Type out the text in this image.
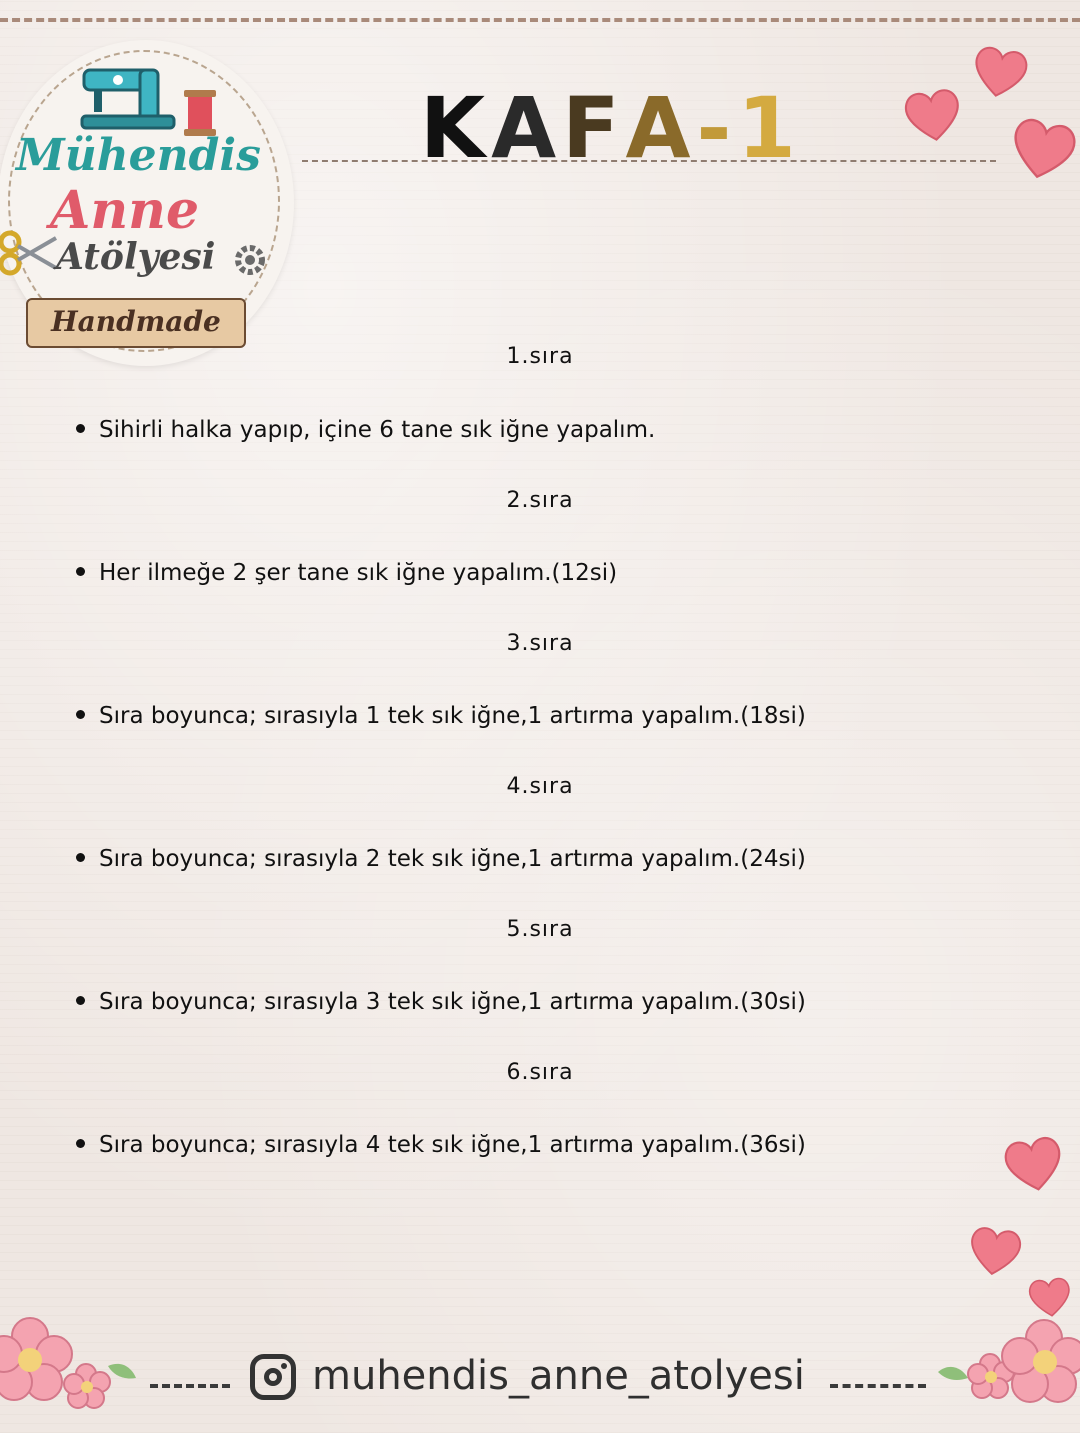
Mühendis
Anne
Atölyesi
Handmade
KAFA-1

1.sıra

Sihirli halka yapıp, içine 6 tane sık iğne yapalım.

2.sıra

Her ilmeğe 2 şer tane sık iğne yapalım.(12si)

3.sıra

Sıra boyunca; sırasıyla 1 tek sık iğne,1 artırma yapalım.(18si)

4.sıra

Sıra boyunca; sırasıyla 2 tek sık iğne,1 artırma yapalım.(24si)

5.sıra

Sıra boyunca; sırasıyla 3 tek sık iğne,1 artırma yapalım.(30si)

6.sıra

Sıra boyunca; sırasıyla 4 tek sık iğne,1 artırma yapalım.(36si)
muhendis_anne_atolyesi
